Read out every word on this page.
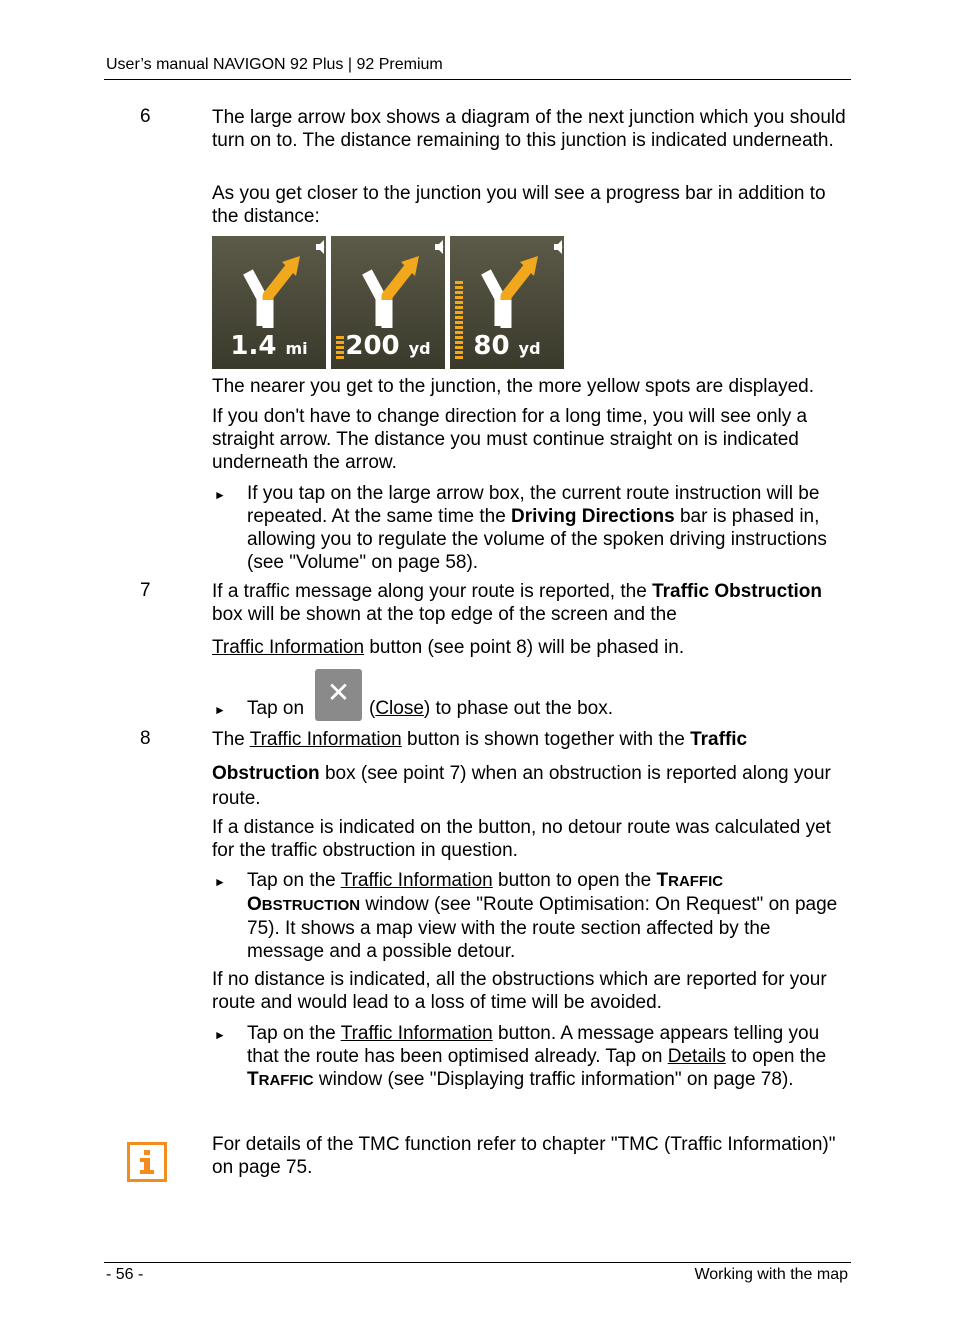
User’s manual NAVIGON 92 Plus | 92 Premium
6	The large arrow box shows a diagram of the next junction which you should turn on to. The distance remaining to this junction is indicated underneath.
As you get closer to the junction you will see a progress bar in addition to the distance:
1.4 mi	200 yd	80 yd
The nearer you get to the junction, the more yellow spots are displayed.
If you don't have to change direction for a long time, you will see only a straight arrow. The distance you must continue straight on is indicated underneath the arrow.
► If you tap on the large arrow box, the current route instruction will be repeated. At the same time the Driving Directions bar is phased in, allowing you to regulate the volume of the spoken driving instructions (see "Volume" on page 58).
7	If a traffic message along your route is reported, the Traffic Obstruction box will be shown at the top edge of the screen and the
Traffic Information button (see point 8) will be phased in.
► Tap on ✕ (Close) to phase out the box.
8	The Traffic Information button is shown together with the Traffic
Obstruction box (see point 7) when an obstruction is reported along your route.
If a distance is indicated on the button, no detour route was calculated yet for the traffic obstruction in question.
► Tap on the Traffic Information button to open the TRAFFIC
OBSTRUCTION window (see "Route Optimisation: On Request" on page 75). It shows a map view with the route section affected by the message and a possible detour.
If no distance is indicated, all the obstructions which are reported for your route and would lead to a loss of time will be avoided.
► Tap on the Traffic Information button. A message appears telling you that the route has been optimised already. Tap on Details to open the TRAFFIC window (see "Displaying traffic information" on page 78).
For details of the TMC function refer to chapter "TMC (Traffic Information)" on page 75.
- 56 -	Working with the map
